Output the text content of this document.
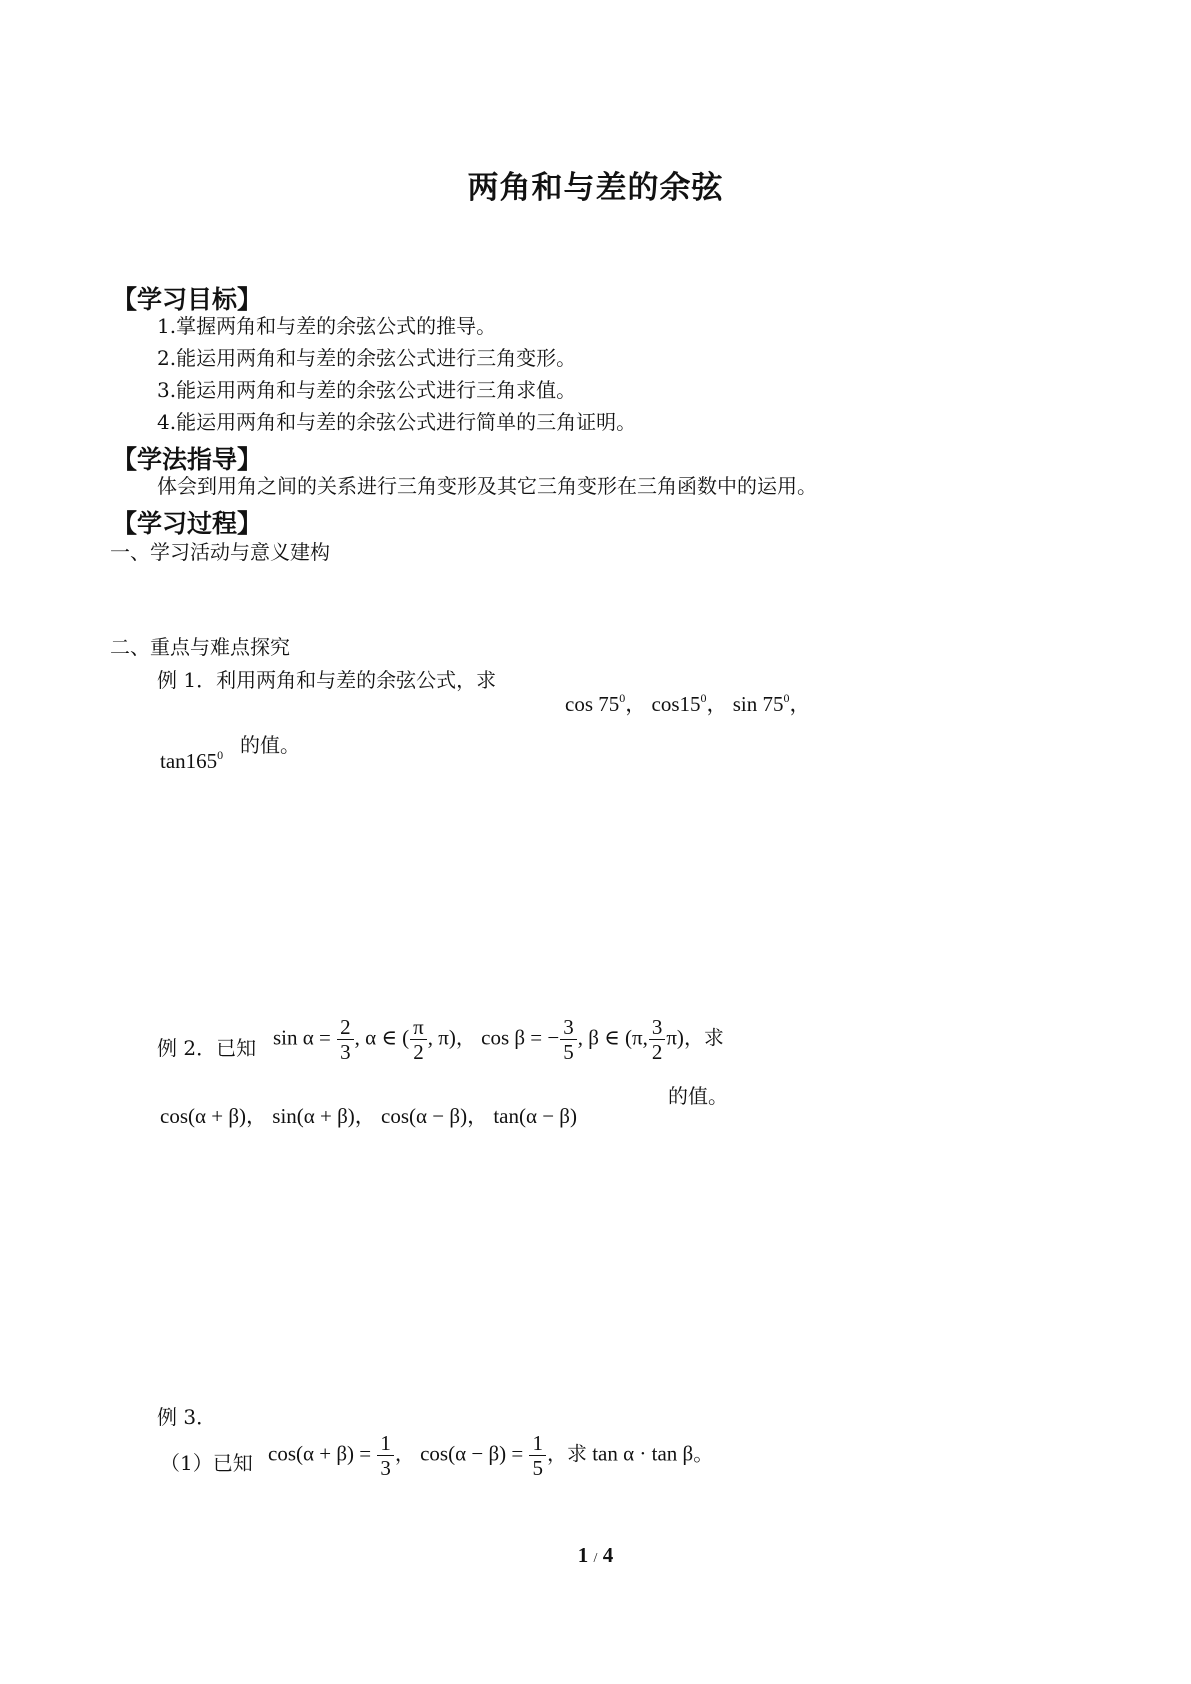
两角和与差的余弦
【学习目标】
1.掌握两角和与差的余弦公式的推导。
2.能运用两角和与差的余弦公式进行三角变形。
3.能运用两角和与差的余弦公式进行三角求值。
4.能运用两角和与差的余弦公式进行简单的三角证明。
【学法指导】
体会到用角之间的关系进行三角变形及其它三角变形在三角函数中的运用。
【学习过程】
一、学习活动与意义建构
二、重点与难点探究
例 1．利用两角和与差的余弦公式，求
$\cos 75^0$， $\cos 15^0$， $\sin 75^0$，
$\tan 165^0$ 的值。
例 2．已知 $\sin \alpha = \frac{2}{3}$ , α ∈ ( $\frac{\pi}{2}$ , π)， cos β = − $\frac{3}{5}$ , β ∈ (π, $\frac{3}{2} \pi$)，求
cos(α + β)， sin(α + β)， cos(α − β)， tan(α − β)
的值。
例 3．
（1）已知 $\cos(\alpha + \beta) = \frac{1}{3}$ ， $\cos(\alpha - \beta) = \frac{1}{5}$ ，求 tan α · tan β。
1 / 4
